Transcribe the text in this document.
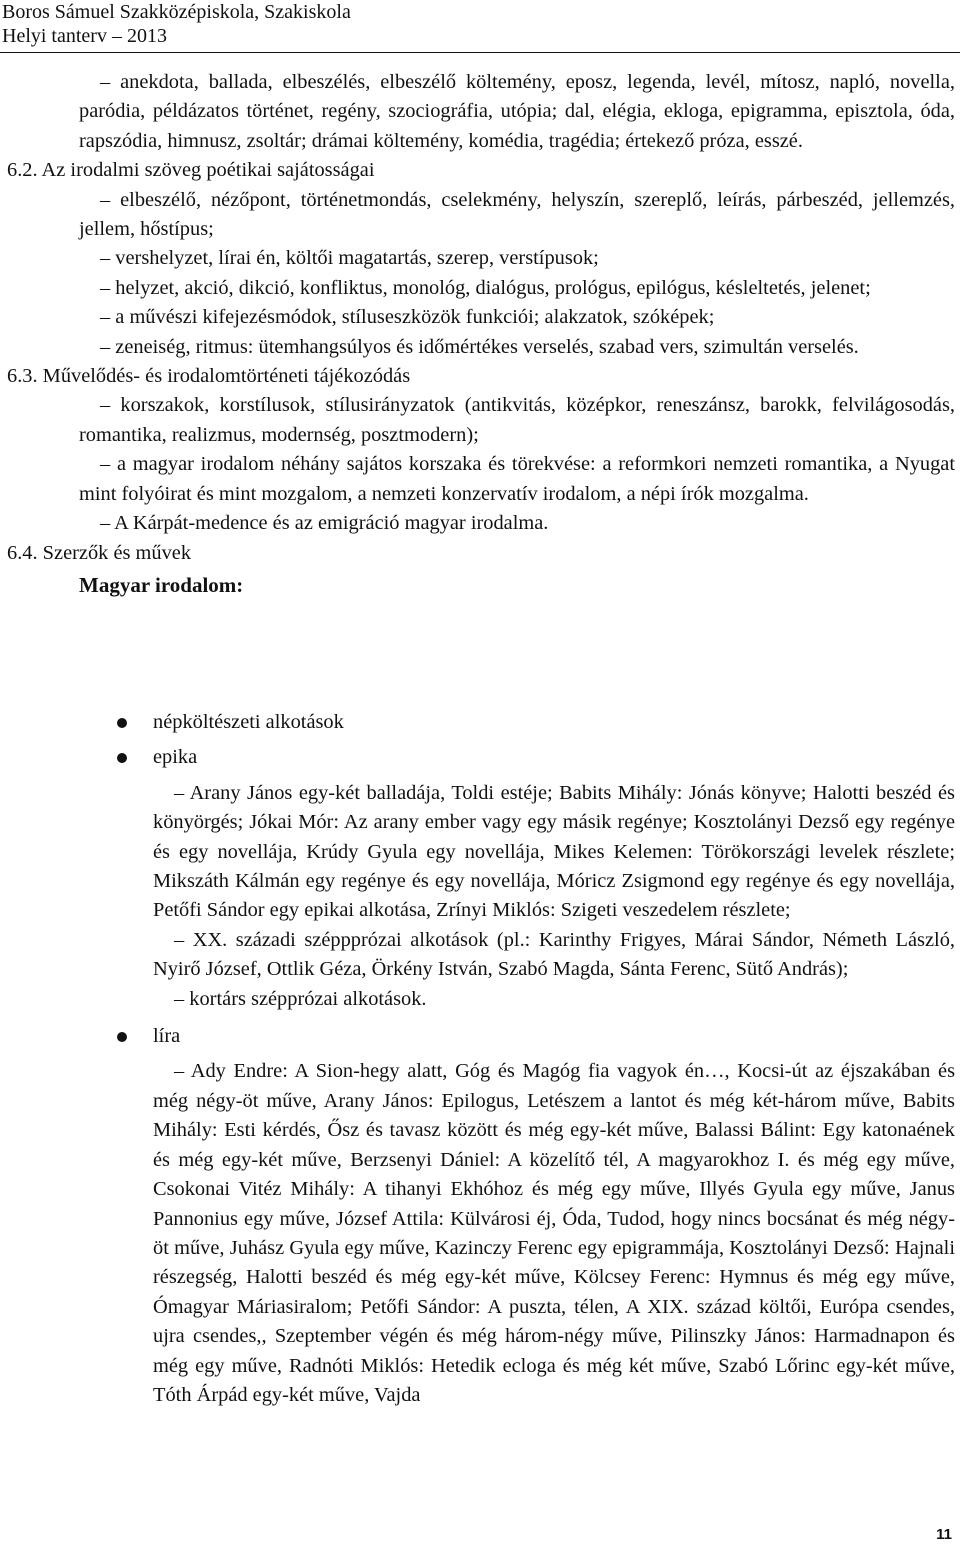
Boros Sámuel Szakközépiskola, Szakiskola

Helyi tanterv – 2013

– anekdota, ballada, elbeszélés, elbeszélő költemény, eposz, legenda, levél, mítosz, napló, novella, paródia, példázatos történet, regény, szociográfia, utópia; dal, elégia, ekloga, epigramma, episztola, óda, rapszódia, himnusz, zsoltár; drámai költemény, komédia, tragédia; értekező próza, esszé.

6.2. Az irodalmi szöveg poétikai sajátosságai

– elbeszélő, nézőpont, történetmondás, cselekmény, helyszín, szereplő, leírás, párbeszéd, jellemzés, jellem, hőstípus;

– vershelyzet, lírai én, költői magatartás, szerep, verstípusok;

– helyzet, akció, dikció, konfliktus, monológ, dialógus, prológus, epilógus, késleltetés, jelenet;

– a művészi kifejezésmódok, stíluseszközök funkciói; alakzatok, szóképek;

– zeneiség, ritmus: ütemhangsúlyos és időmértékes verselés, szabad vers, szimultán verselés.

6.3. Művelődés- és irodalomtörténeti tájékozódás

– korszakok, korstílusok, stílusirányzatok (antikvitás, középkor, reneszánsz, barokk, felvilágosodás, romantika, realizmus, modernség, posztmodern);

– a magyar irodalom néhány sajátos korszaka és törekvése: a reformkori nemzeti romantika, a Nyugat mint folyóirat és mint mozgalom, a nemzeti konzervatív irodalom, a népi írók mozgalma.

– A Kárpát-medence és az emigráció magyar irodalma.

6.4. Szerzők és művek

Magyar irodalom:

népköltészeti alkotások
epika

– Arany János egy-két balladája, Toldi estéje; Babits Mihály: Jónás könyve; Halotti beszéd és könyörgés; Jókai Mór: Az arany ember vagy egy másik regénye; Kosztolányi Dezső egy regénye és egy novellája, Krúdy Gyula egy novellája, Mikes Kelemen: Törökországi levelek részlete; Mikszáth Kálmán egy regénye és egy novellája, Móricz Zsigmond egy regénye és egy novellája, Petőfi Sándor egy epikai alkotása, Zrínyi Miklós: Szigeti veszedelem részlete;

– XX. századi széppprózai alkotások (pl.: Karinthy Frigyes, Márai Sándor, Németh László, Nyirő József, Ottlik Géza, Örkény István, Szabó Magda, Sánta Ferenc, Sütő András);

– kortárs szépprózai alkotások.

líra

– Ady Endre: A Sion-hegy alatt, Góg és Magóg fia vagyok én…, Kocsi-út az éjszakában és még négy-öt műve, Arany János: Epilogus, Letészem a lantot és még két-három műve, Babits Mihály: Esti kérdés, Ősz és tavasz között és még egy-két műve, Balassi Bálint: Egy katonaének és még egy-két műve, Berzsenyi Dániel: A közelítő tél, A magyarokhoz I. és még egy műve, Csokonai Vitéz Mihály: A tihanyi Ekhóhoz és még egy műve, Illyés Gyula egy műve, Janus Pannonius egy műve, József Attila: Külvárosi éj, Óda, Tudod, hogy nincs bocsánat és még négy-öt műve, Juhász Gyula egy műve, Kazinczy Ferenc egy epigrammája, Kosztolányi Dezső: Hajnali részegség, Halotti beszéd és még egy-két műve, Kölcsey Ferenc: Hymnus és még egy műve, Ómagyar Máriasiralom; Petőfi Sándor: A puszta, télen, A XIX. század költői, Európa csendes, ujra csendes,, Szeptember végén és még három-négy műve, Pilinszky János: Harmadnapon és még egy műve, Radnóti Miklós: Hetedik ecloga és még két műve, Szabó Lőrinc egy-két műve, Tóth Árpád egy-két műve, Vajda

11
